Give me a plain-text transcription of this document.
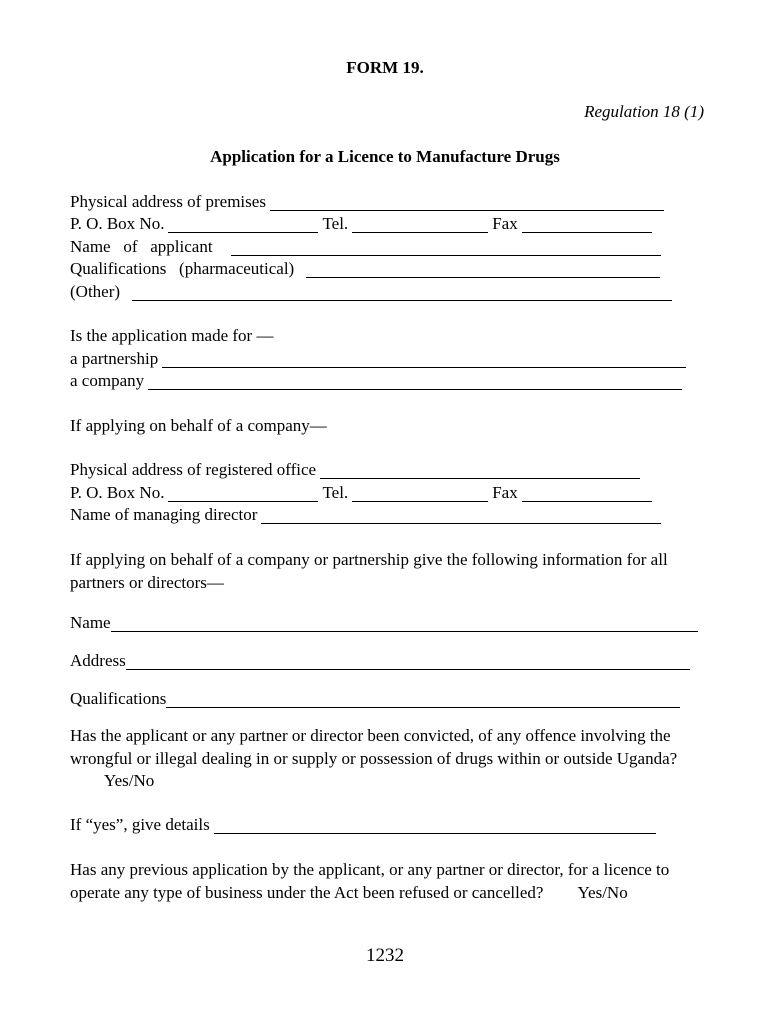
FORM 19.
Regulation 18 (1)
Application for a Licence to Manufacture Drugs
Physical address of premises
P. O. Box No.	Tel.	Fax
Name   of   applicant
Qualifications   (pharmaceutical)
(Other)
Is the application made for —
a partnership
a company
If applying on behalf of a company—
Physical address of registered office
P. O. Box No.	Tel.	Fax
Name of managing director
If applying on behalf of a company or partnership give the following information for all partners or directors—
Name
Address
Qualifications
Has the applicant or any partner or director been convicted, of any offence involving the wrongful or illegal dealing in or supply or possession of drugs within or outside Uganda?Yes/No
If “yes”, give details
Has any previous application by the applicant, or any partner or director, for a licence to operate any type of business under the Act been refused or cancelled? Yes/No
1232
